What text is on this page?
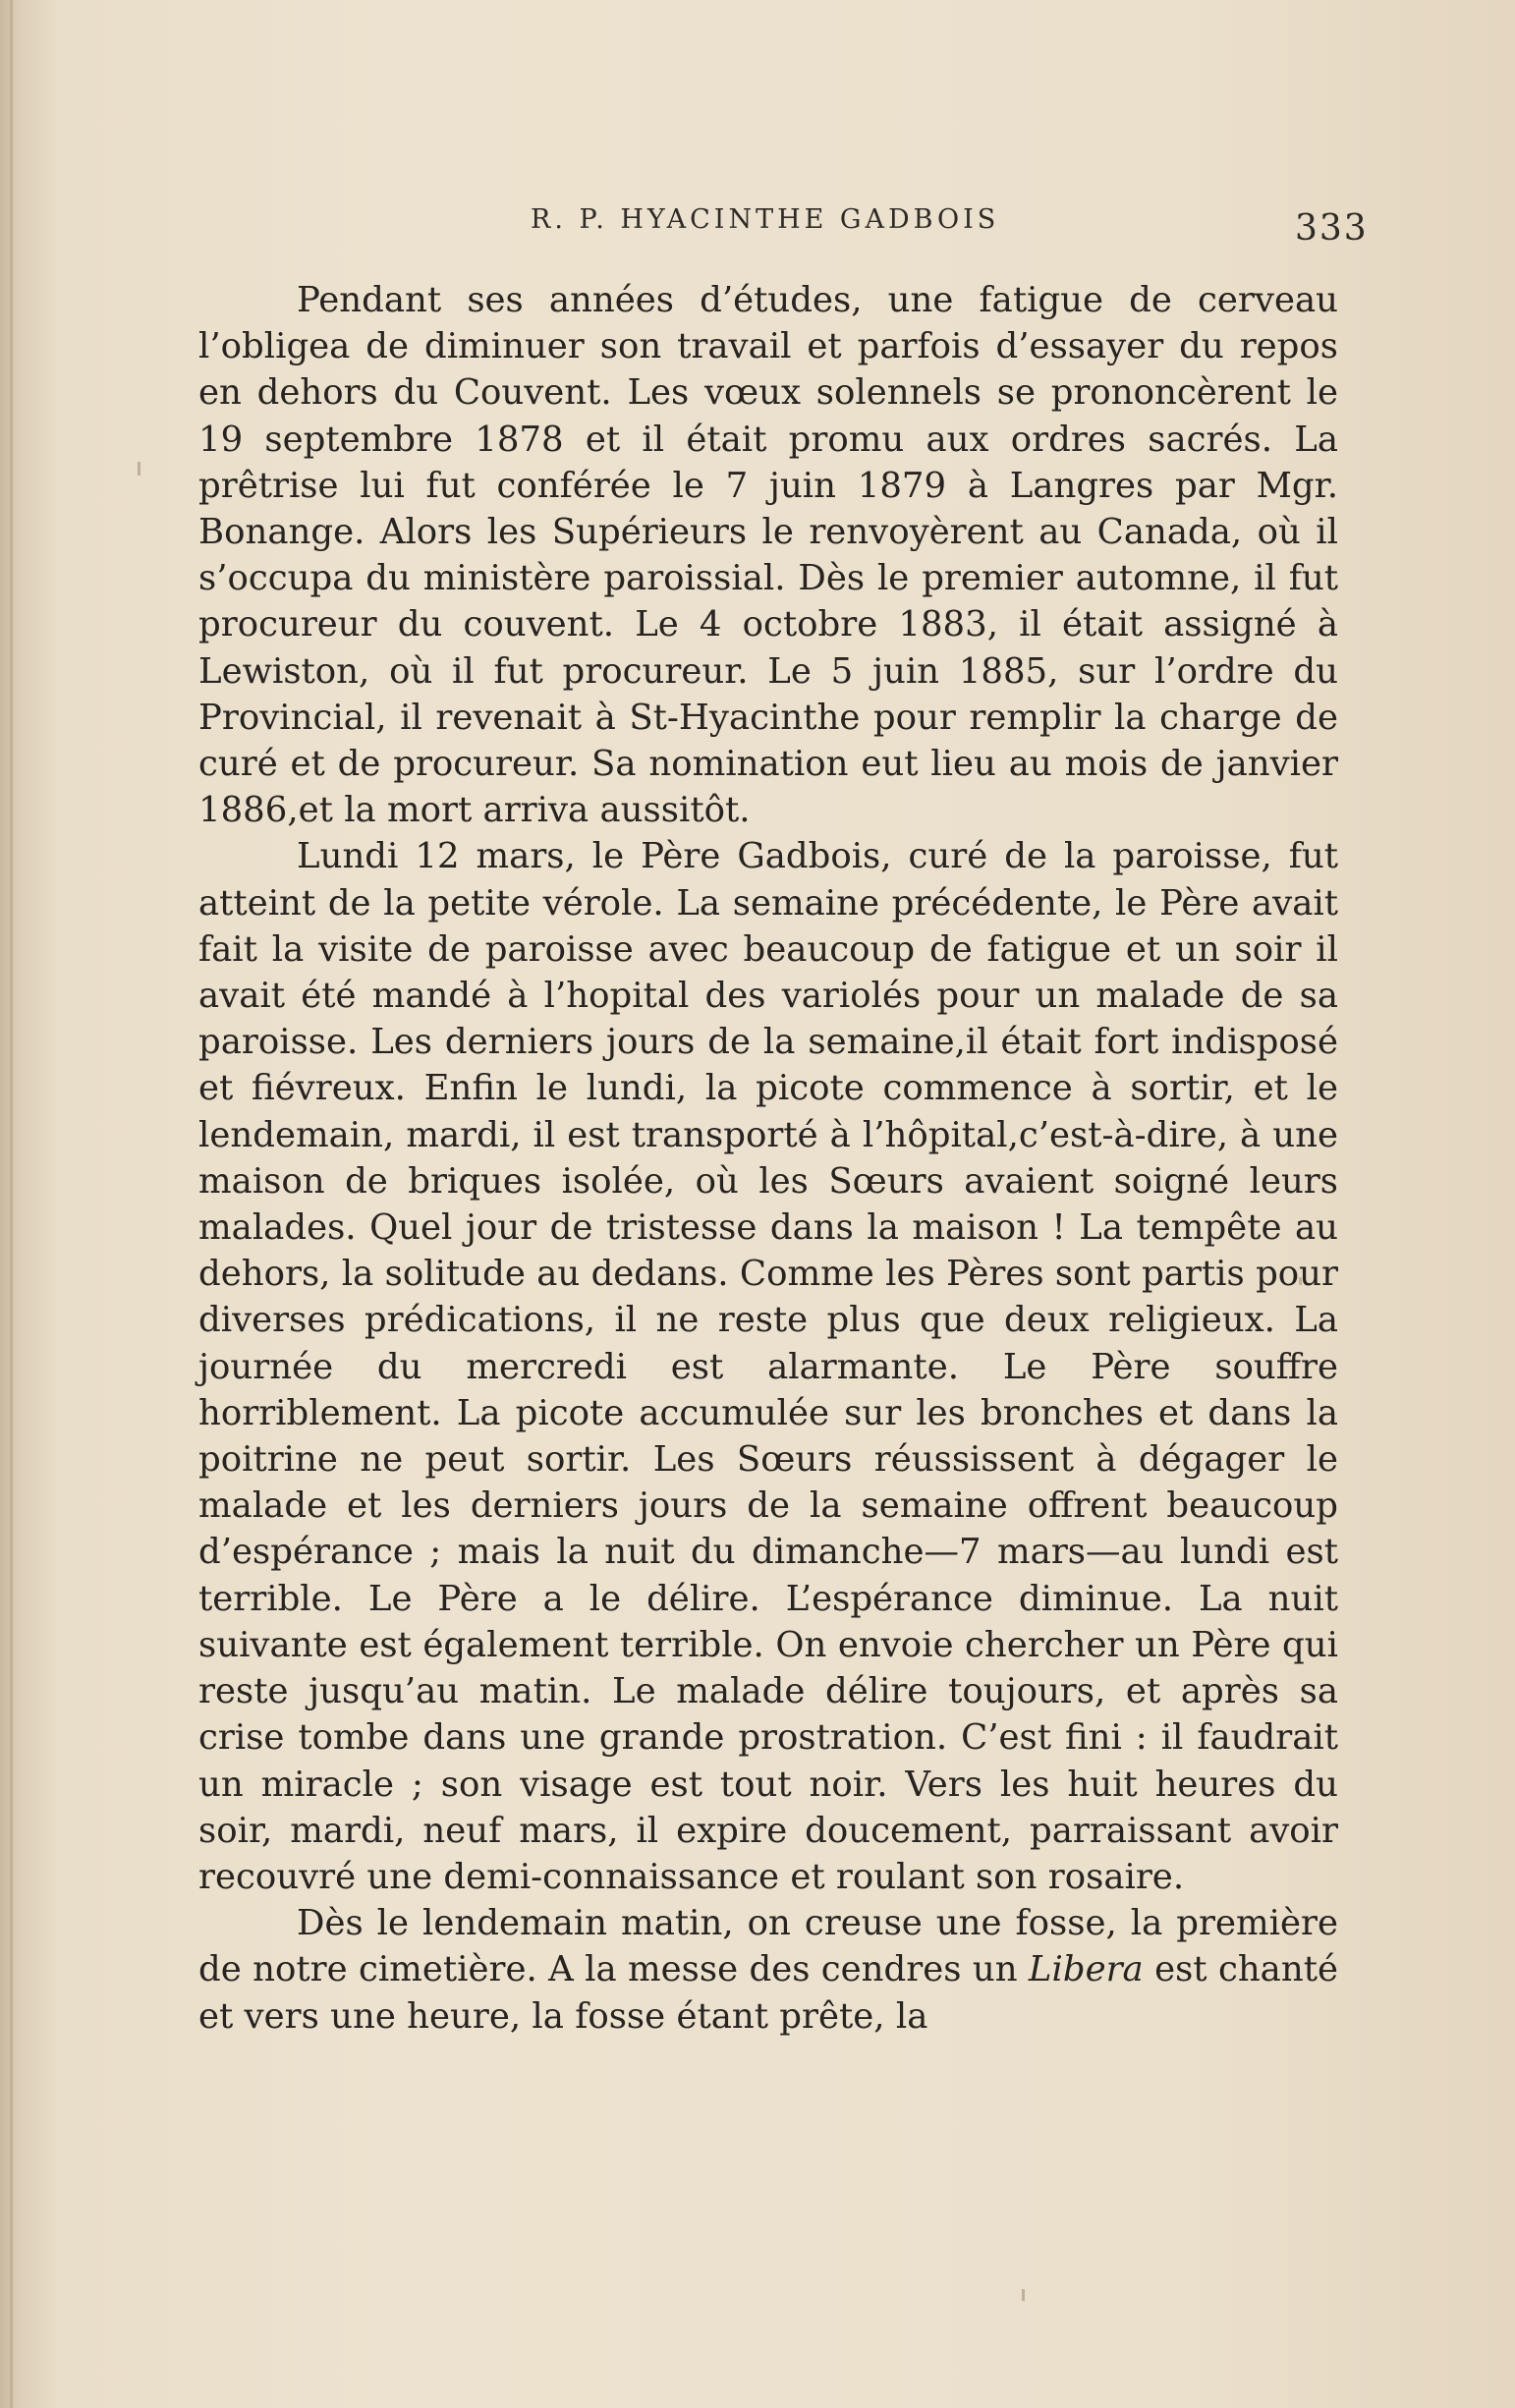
R. P. HYACINTHE GADBOIS	333

Pendant ses années d’études, une fatigue de cerveau l’obligea de diminuer son travail et parfois d’essayer du repos en dehors du Couvent. Les vœux solennels se prononcèrent le 19 septembre 1878 et il était promu aux ordres sacrés. La prêtrise lui fut conférée le 7 juin 1879 à Langres par Mgr. Bonange. Alors les Supérieurs le renvoyèrent au Canada, où il s’occupa du ministère paroissial. Dès le premier automne, il fut procureur du couvent. Le 4 octobre 1883, il était assigné à Lewiston, où il fut procureur. Le 5 juin 1885, sur l’ordre du Provincial, il revenait à St-Hyacinthe pour remplir la charge de curé et de procureur. Sa nomination eut lieu au mois de janvier 1886,et la mort arriva aussitôt.

Lundi 12 mars, le Père Gadbois, curé de la paroisse, fut atteint de la petite vérole. La semaine précédente, le Père avait fait la visite de paroisse avec beaucoup de fatigue et un soir il avait été mandé à l’hopital des variolés pour un malade de sa paroisse. Les derniers jours de la semaine,il était fort indisposé et fiévreux. Enfin le lundi, la picote commence à sortir, et le lendemain, mardi, il est transporté à l’hôpital,c’est-à-dire, à une maison de briques isolée, où les Sœurs avaient soigné leurs malades. Quel jour de tristesse dans la maison ! La tempête au dehors, la solitude au dedans. Comme les Pères sont partis pour diverses prédications, il ne reste plus que deux religieux. La journée du mercredi est alarmante. Le Père souffre horriblement. La picote accumulée sur les bronches et dans la poitrine ne peut sortir. Les Sœurs réussissent à dégager le malade et les derniers jours de la semaine offrent beaucoup d’espérance ; mais la nuit du dimanche—7 mars—au lundi est terrible. Le Père a le délire. L’espérance diminue. La nuit suivante est également terrible. On envoie chercher un Père qui reste jusqu’au matin. Le malade délire toujours, et après sa crise tombe dans une grande prostration. C’est fini : il faudrait un miracle ; son visage est tout noir. Vers les huit heures du soir, mardi, neuf mars, il expire doucement, parraissant avoir recouvré une demi-connaissance et roulant son rosaire.

Dès le lendemain matin, on creuse une fosse, la première de notre cimetière. A la messe des cendres un Libera est chanté et vers une heure, la fosse étant prête, la
